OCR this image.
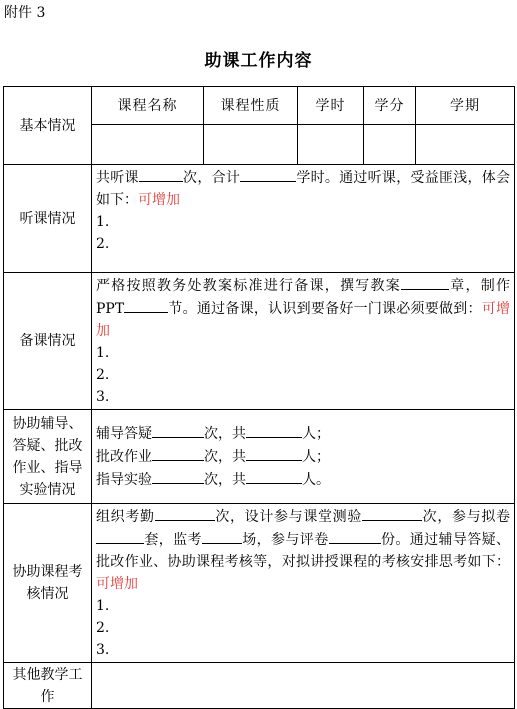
附件 3
助课工作内容
基本情况	课程名称	课程性质	学时	学分	学期

听课情况	共听课 次，合计 学时。通过听课，受益匪浅，体会如下：可增加
1.
2.				

备课情况	严格按照教务处教案标准进行备课，撰写教案 章，制作 PPT 节。通过备课，认识到要备好一门课必须要做到：可增加
1.
2.
3.				

协助辅导、答疑、批改作业、指导实验情况	辅导答疑 次，共 人；
批改作业 次，共 人；
指导实验 次，共 人。				

协助课程考核情况	组织考勤 次，设计参与课堂测验 次，参与拟卷套，监考 场，参与评卷 份。通过辅导答疑、批改作业、协助课程考核等，对拟讲授课程的考核安排思考如下：可增加
1.
2.
3.				

其他教学工作					
